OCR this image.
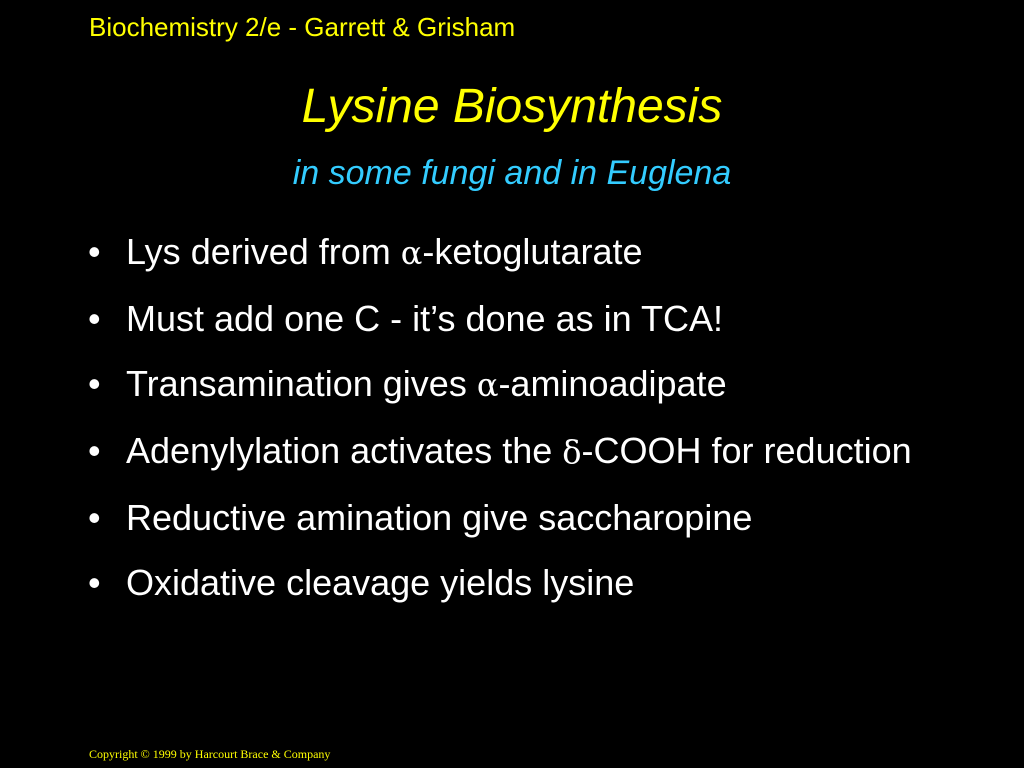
Biochemistry 2/e - Garrett & Grisham
Lysine Biosynthesis
in some fungi and in Euglena
• Lys derived from α-ketoglutarate
• Must add one C - it’s done as in TCA!
• Transamination gives α-aminoadipate
• Adenylylation activates the δ-COOH for reduction
• Reductive amination give saccharopine
• Oxidative cleavage yields lysine
Copyright © 1999 by Harcourt Brace & Company
